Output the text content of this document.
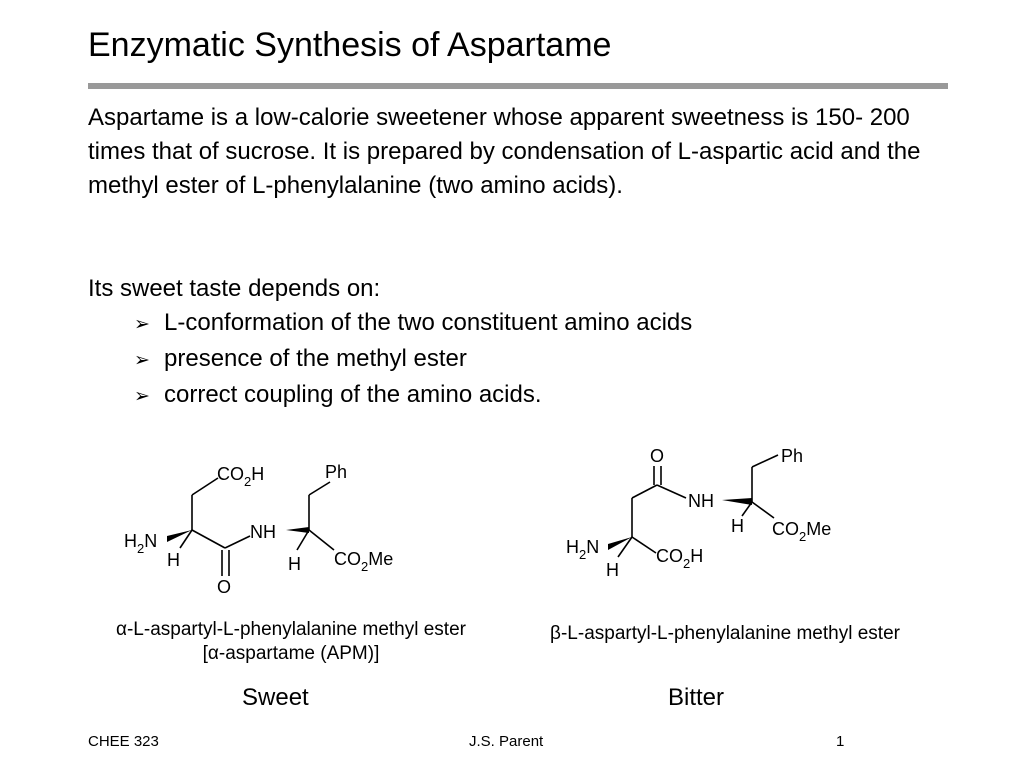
Enzymatic Synthesis of Aspartame

Aspartame is a low-calorie sweetener whose apparent sweetness is 150- 200 times that of sucrose. It is prepared by condensation of L-aspartic acid and the methyl ester of L-phenylalanine (two amino acids).

Its sweet taste depends on:

➢ L-conformation of the two constituent amino acids
➢ presence of the methyl ester
➢ correct coupling of the amino acids.
$CO_2H$	Ph
$H_2N$	NH
H	H $CO_2Me$
O
O	Ph
NH
H $CO_2Me$
$H_2N$	$CO_2H$
H
α-L-aspartyl-L-phenylalanine methyl ester
[α-aspartame (APM)]
β-L-aspartyl-L-phenylalanine methyl ester
Sweet	Bitter
CHEE 323	J.S. Parent	1
